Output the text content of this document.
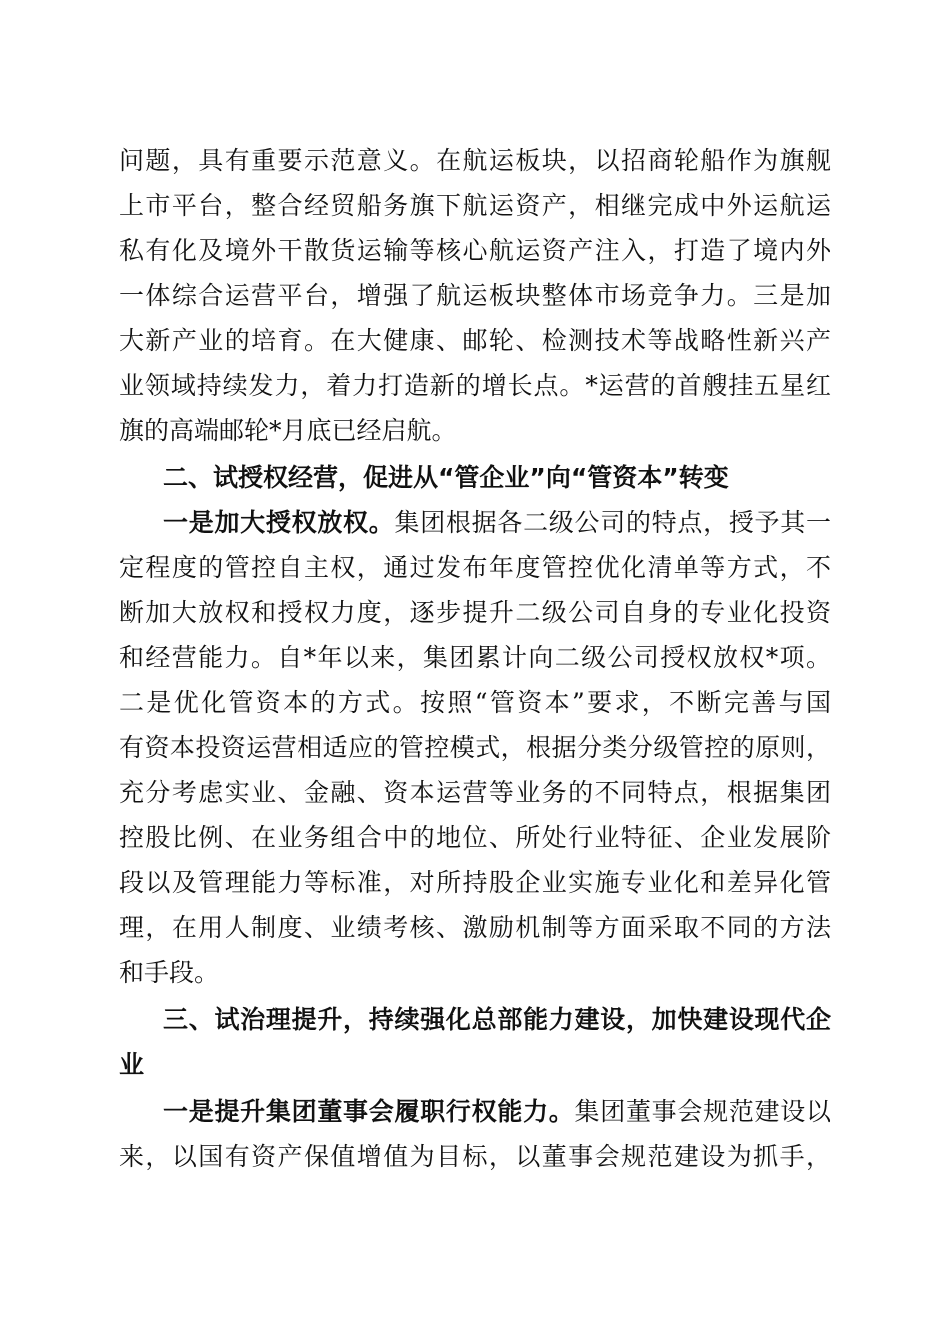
问题，具有重要示范意义。在航运板块，以招商轮船作为旗舰

上市平台，整合经贸船务旗下航运资产，相继完成中外运航运

私有化及境外干散货运输等核心航运资产注入，打造了境内外

一体综合运营平台，增强了航运板块整体市场竞争力。三是加

大新产业的培育。在大健康、邮轮、检测技术等战略性新兴产

业领域持续发力，着力打造新的增长点。*运营的首艘挂五星红

旗的高端邮轮*月底已经启航。

二、试授权经营，促进从“管企业”向“管资本”转变

一是加大授权放权。集团根据各二级公司的特点，授予其一

定程度的管控自主权，通过发布年度管控优化清单等方式，不

断加大放权和授权力度，逐步提升二级公司自身的专业化投资

和经营能力。自*年以来，集团累计向二级公司授权放权*项。

二是优化管资本的方式。按照“管资本”要求，不断完善与国

有资本投资运营相适应的管控模式，根据分类分级管控的原则，

充分考虑实业、金融、资本运营等业务的不同特点，根据集团

控股比例、在业务组合中的地位、所处行业特征、企业发展阶

段以及管理能力等标准，对所持股企业实施专业化和差异化管

理，在用人制度、业绩考核、激励机制等方面采取不同的方法

和手段。

三、试治理提升，持续强化总部能力建设，加快建设现代企

业

一是提升集团董事会履职行权能力。集团董事会规范建设以

来，以国有资产保值增值为目标，以董事会规范建设为抓手，
